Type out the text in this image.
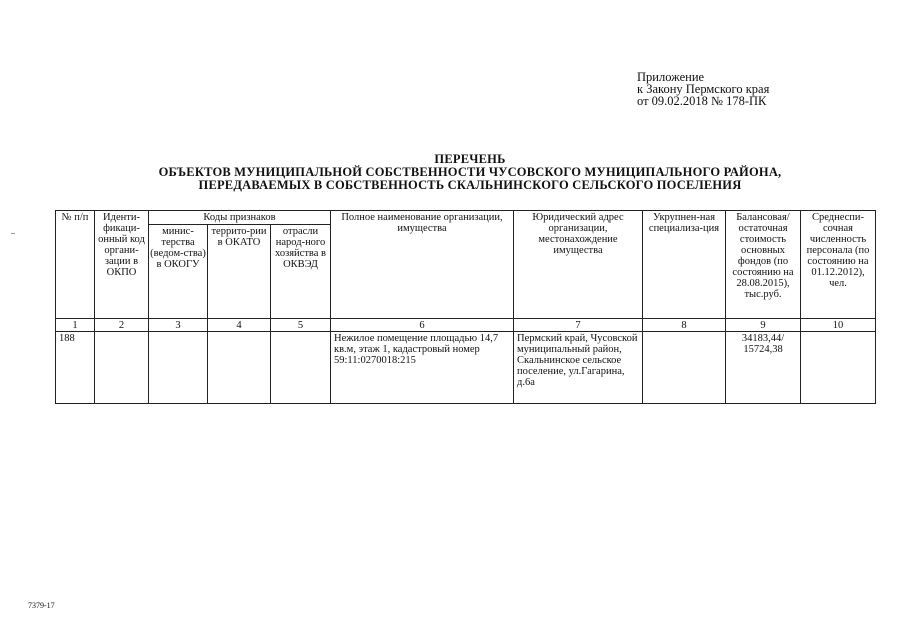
Приложение
к Закону Пермского края
от 09.02.2018 № 178-ПК
ПЕРЕЧЕНЬ
ОБЪЕКТОВ МУНИЦИПАЛЬНОЙ СОБСТВЕННОСТИ ЧУСОВСКОГО МУНИЦИПАЛЬНОГО РАЙОНА,
ПЕРЕДАВАЕМЫХ В СОБСТВЕННОСТЬ СКАЛЬНИНСКОГО СЕЛЬСКОГО ПОСЕЛЕНИЯ
№ п/п	Иденти-фикаци-онный код органи-зации в ОКПО	Коды признаков			Полное наименование организации, имущества	Юридический адрес организации, местонахождение имущества	Укрупнен-ная специализа-ция	Балансовая/ остаточная стоимость основных фондов (по состоянию на 28.08.2015), тыс.руб.	Среднеспи-сочная численность персонала (по состоянию на 01.12.2012), чел.
		минис-терства (ведом-ства) в ОКОГУ	террито-рии в ОКАТО	отрасли народ-ного хозяйства в ОКВЭД					
1	2	3	4	5	6	7	8	9	10
188					Нежилое помещение площадью 14,7 кв.м, этаж 1, кадастровый номер 59:11:0270018:215	Пермский край, Чусовской муниципальный район, Скальнинское сельское поселение, ул.Гагарина, д.6а		34183,44/ 15724,38	
7379-17
